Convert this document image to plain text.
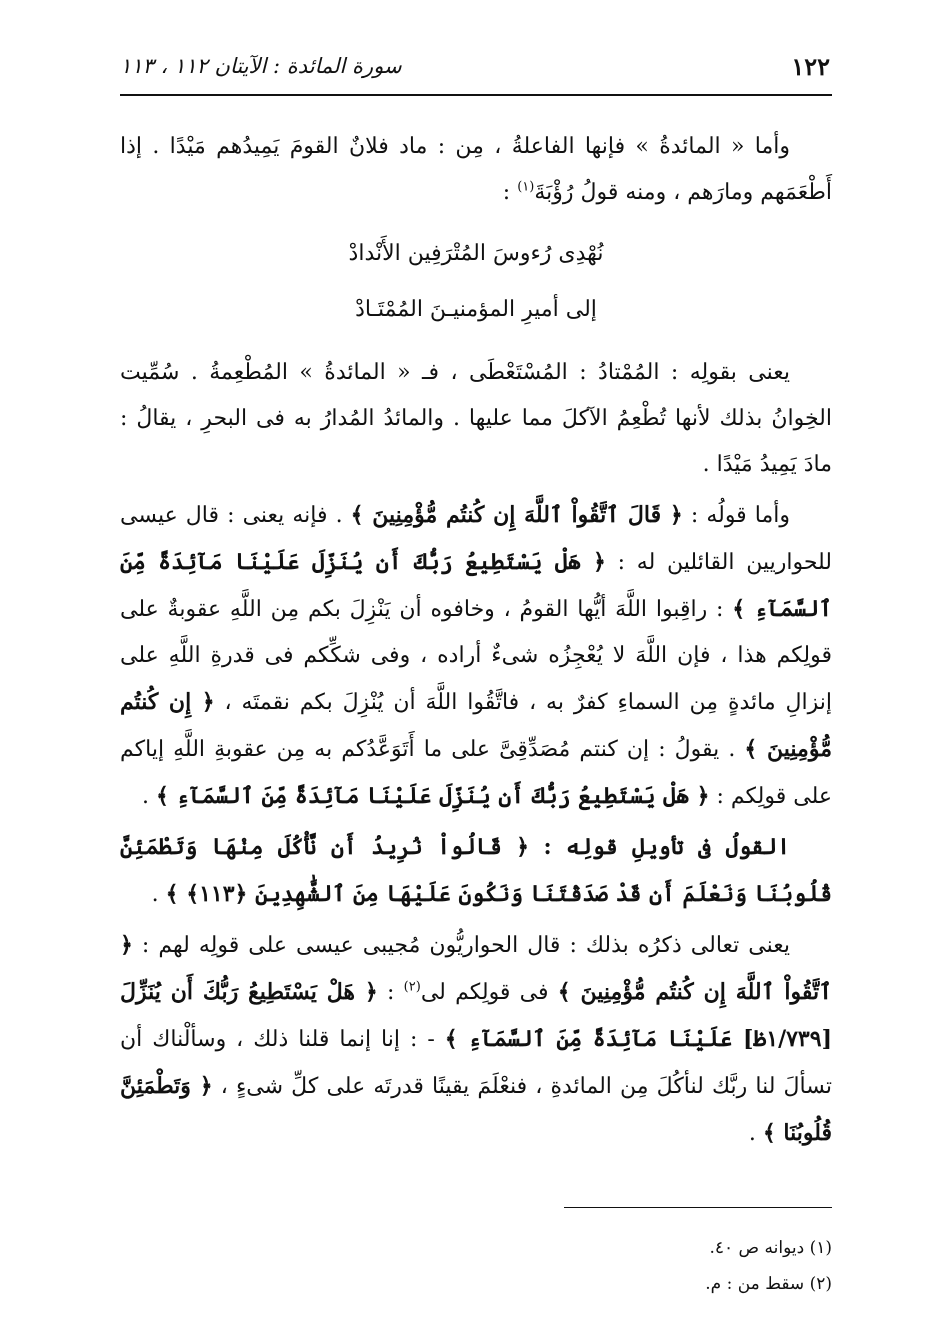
١٢٢
سورة المائدة : الآيتان ١١٢ ، ١١٣

وأما « المائدةُ » فإنها الفاعلةُ ، مِن : ماد فلانٌ القومَ يَمِيدُهم مَيْدًا . إذا أَطْعَمَهم ومارَهم ، ومنه قولُ رُؤْبَةَ$^{(١)}$ :

نُهْدِى رُءوسَ المُتْرَفِين الأَنْدادْ

إلى أميرِ المؤمنيـنَ المُمْتَـادْ

يعنى بقولِه : المُمْتادُ : المُسْتَعْطَى ، فـ « المائدةُ » المُطْعِمةُ . سُمِّيت الخِوانُ بذلك لأنها تُطْعِمُ الآكلَ مما عليها . والمائدُ المُدارُ به فى البحرِ ، يقالُ : مادَ يَمِيدُ مَيْدًا .

وأما قولُه : ﴿ قَالَ ٱتَّقُواْ ٱللَّهَ إِن كُنتُم مُّؤْمِنِينَ ﴾ . فإنه يعنى : قال عيسى للحواريين القائلين له : ﴿ هَلْ يَسْتَطِيعُ رَبُّكَ أَن يُنَزِّلَ عَلَيْنَا مَآئِدَةً مِّنَ ٱلسَّمَآءِ ﴾ : راقِبوا اللَّهَ أيُّها القومُ ، وخافوه أن يَنْزِلَ بكم مِن اللَّهِ عقوبةٌ على قولِكم هذا ، فإن اللَّهَ لا يُعْجِزُه شىءٌ أراده ، وفى شكِّكم فى قدرةِ اللَّهِ على إنزالِ مائدةٍ مِن السماءِ كفرٌ به ، فاتَّقُوا اللَّهَ أن يُنْزِلَ بكم نقمتَه ، ﴿ إِن كُنتُم مُّؤْمِنِينَ ﴾ . يقولُ : إن كنتم مُصَدِّقِىَّ على ما أَتَوَعَّدُكم به مِن عقوبةِ اللَّهِ إياكم على قولِكم : ﴿ هَلْ يَسْتَطِيعُ رَبُّكَ أَن يُنَزِّلَ عَلَيْنَا مَآئِدَةً مِّنَ ٱلسَّمَآءِ ﴾ .

القولُ فى تأويلِ قولِه : ﴿ قَالُواْ نُرِيدُ أَن نَّأْكُلَ مِنْهَا وَتَطْمَئِنَّ قُلُوبُنَا وَنَعْلَمَ أَن قَدْ صَدَقْتَنَا وَنَكُونَ عَلَيْهَا مِنَ ٱلشَّٰهِدِينَ ﴿١١٣﴾ ﴾ .

يعنى تعالى ذكرُه بذلك : قال الحواريُّون مُجيبى عيسى على قولِه لهم : ﴿ ٱتَّقُواْ ٱللَّهَ إِن كُنتُم مُّؤْمِنِينَ ﴾ فى قولِكم لى$^{(٢)}$ : ﴿ هَلْ يَسْتَطِيعُ رَبُّكَ أَن يُنَزِّلَ [١/٧٣٩ظ] عَلَيْنَا مَآئِدَةً مِّنَ ٱلسَّمَآءِ ﴾ - : إنا إنما قلنا ذلك ، وسألْناك أن تسألَ لنا ربَّك لنأكُلَ مِن المائدةِ ، فنعْلَمَ يقينًا قدرتَه على كلِّ شىءٍ ، ﴿ وَتَطْمَئِنَّ قُلُوبُنَا ﴾ .

(١) ديوانه ص ٤٠.

(٢) سقط من : م.
